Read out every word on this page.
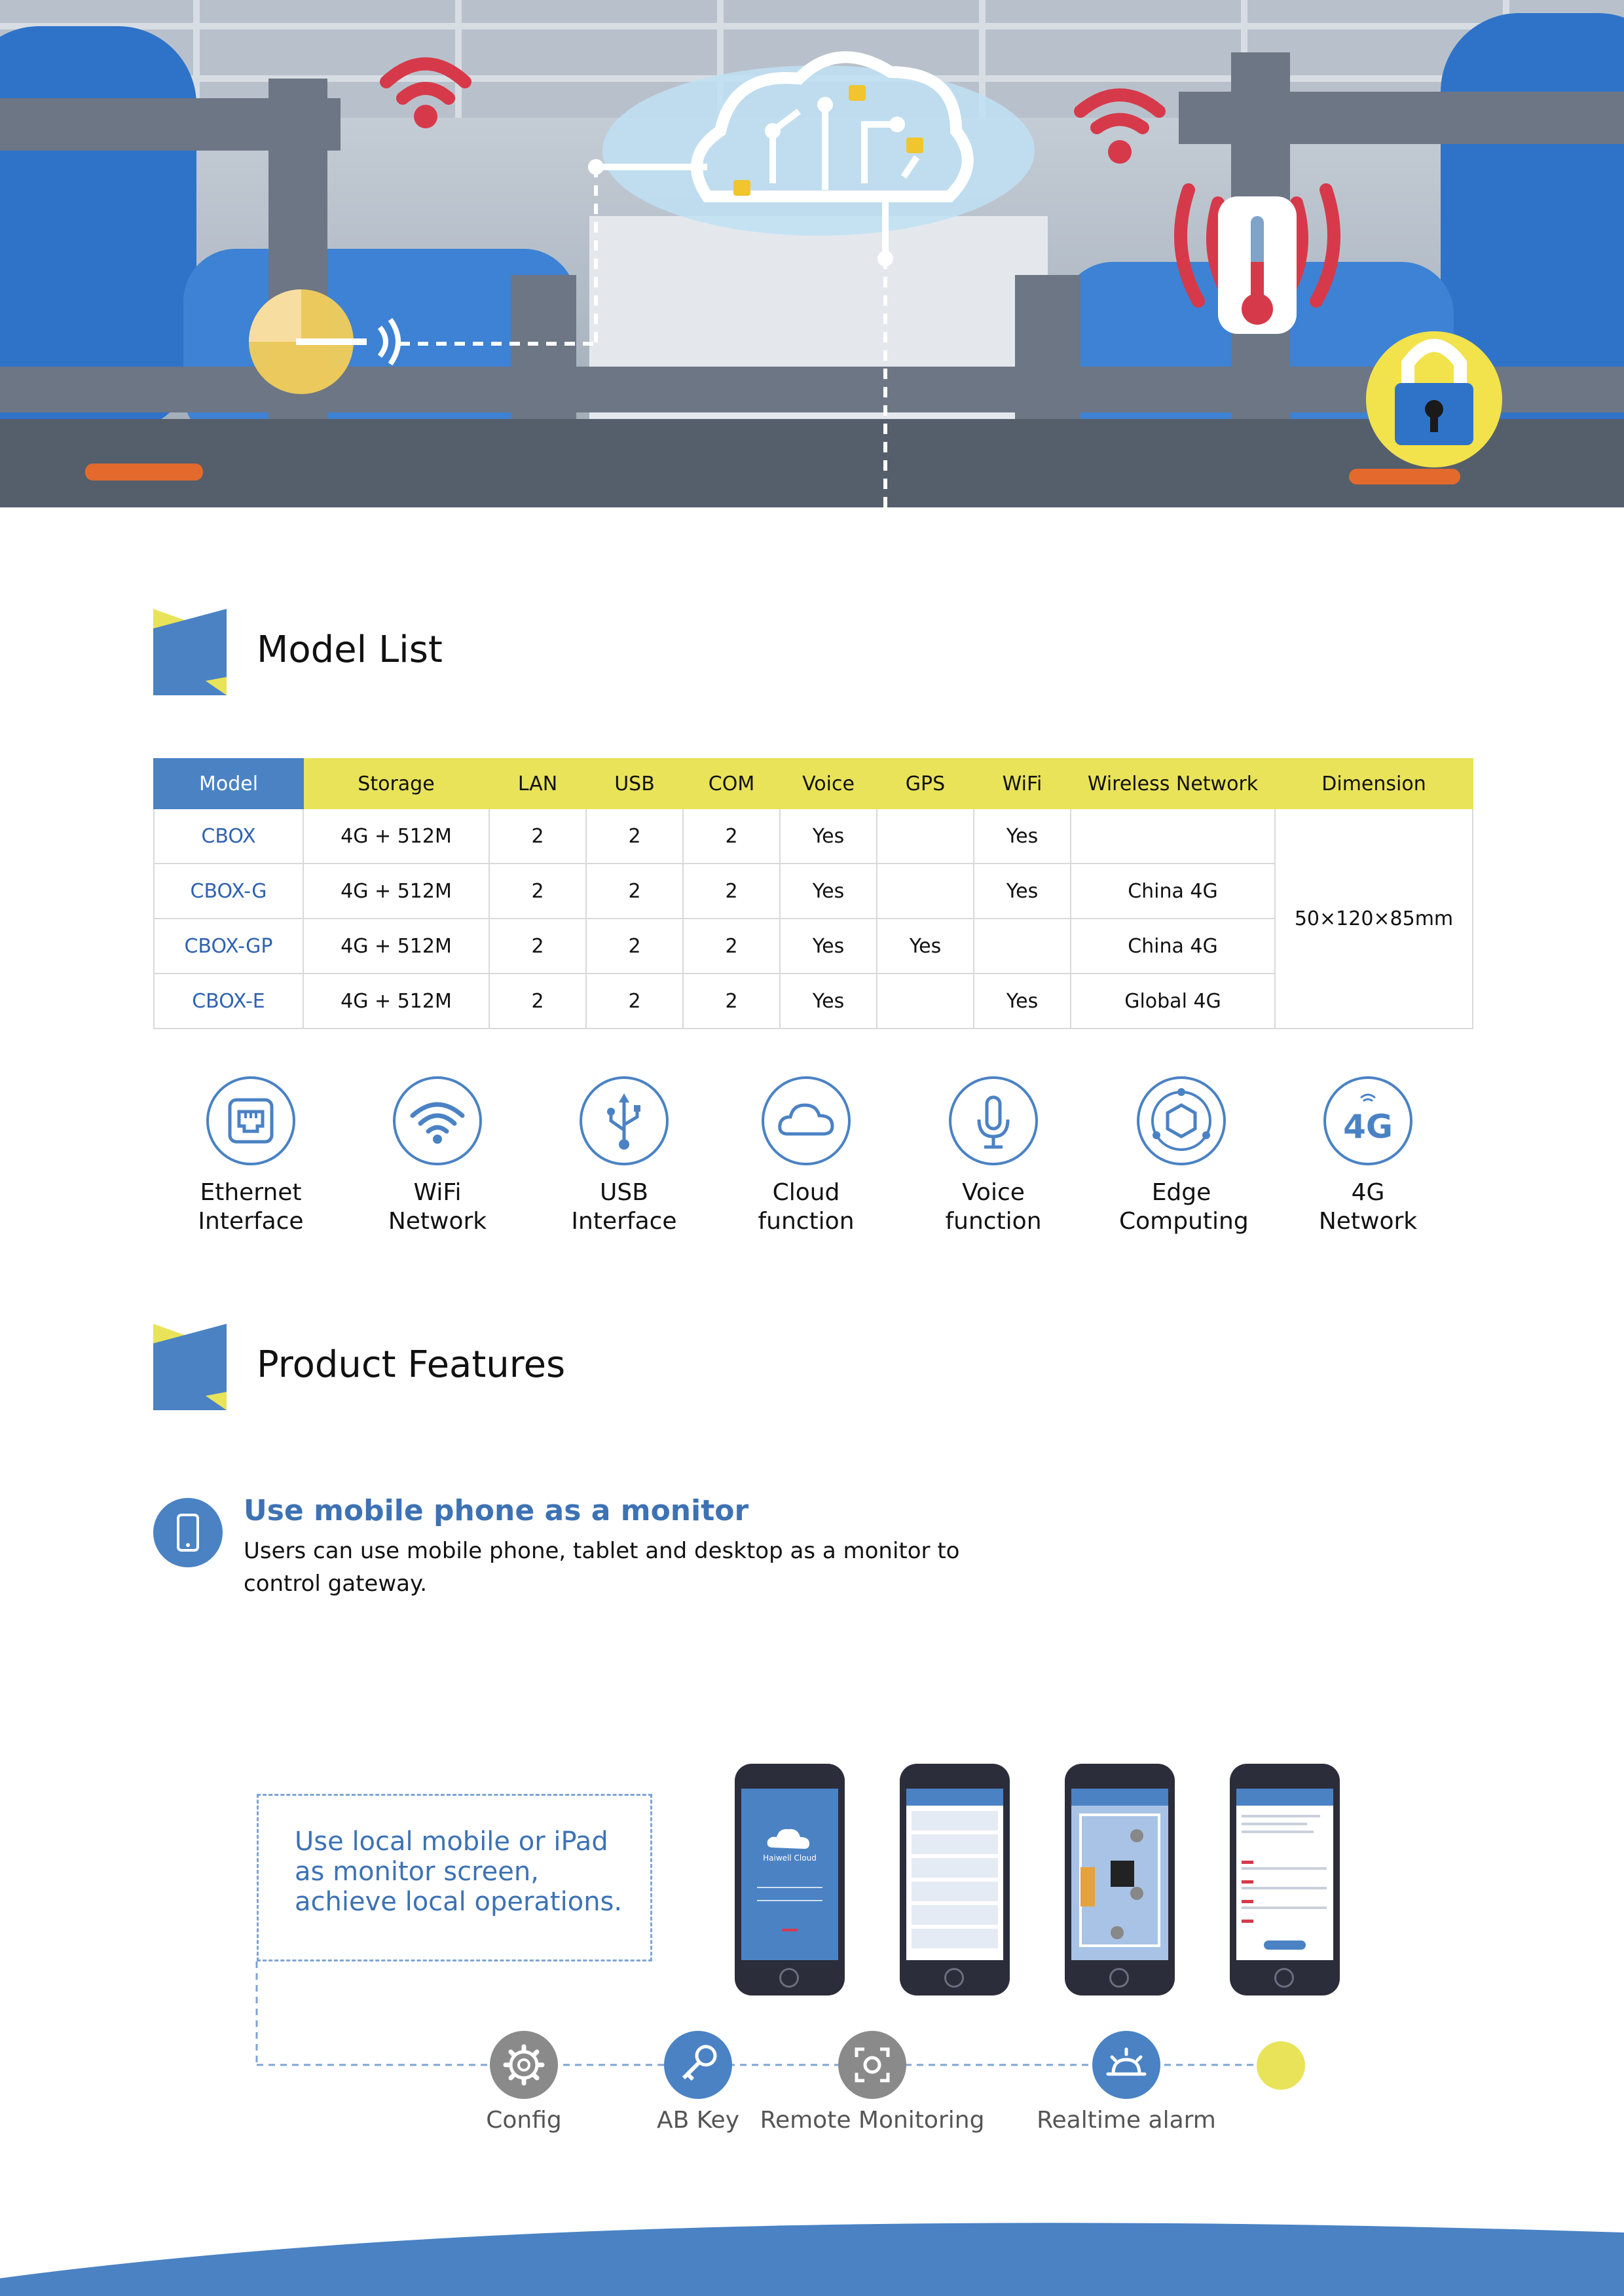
Model List
Model	Storage	LAN	USB	COM	Voice	GPS	WiFi	Wireless Network	Dimension
CBOX	4G + 512M	2	2	2	Yes		Yes		50×120×85mm
CBOX-G	4G + 512M	2	2	2	Yes		Yes	China 4G	
CBOX-GP	4G + 512M	2	2	2	Yes	Yes		China 4G	
CBOX-E	4G + 512M	2	2	2	Yes		Yes	Global 4G	
Ethernet
Interface
WiFi
Network
USB
Interface
Cloud
function
Voice
function
Edge
Computing
4G
4G
Network
Product Features
Use mobile phone as a monitor
Users can use mobile phone, tablet and desktop as a monitor to control gateway.
Use local mobile or iPad as monitor screen, achieve local operations.
Haiwell Cloud
Config	AB Key Remote Monitoring	Realtime alarm
